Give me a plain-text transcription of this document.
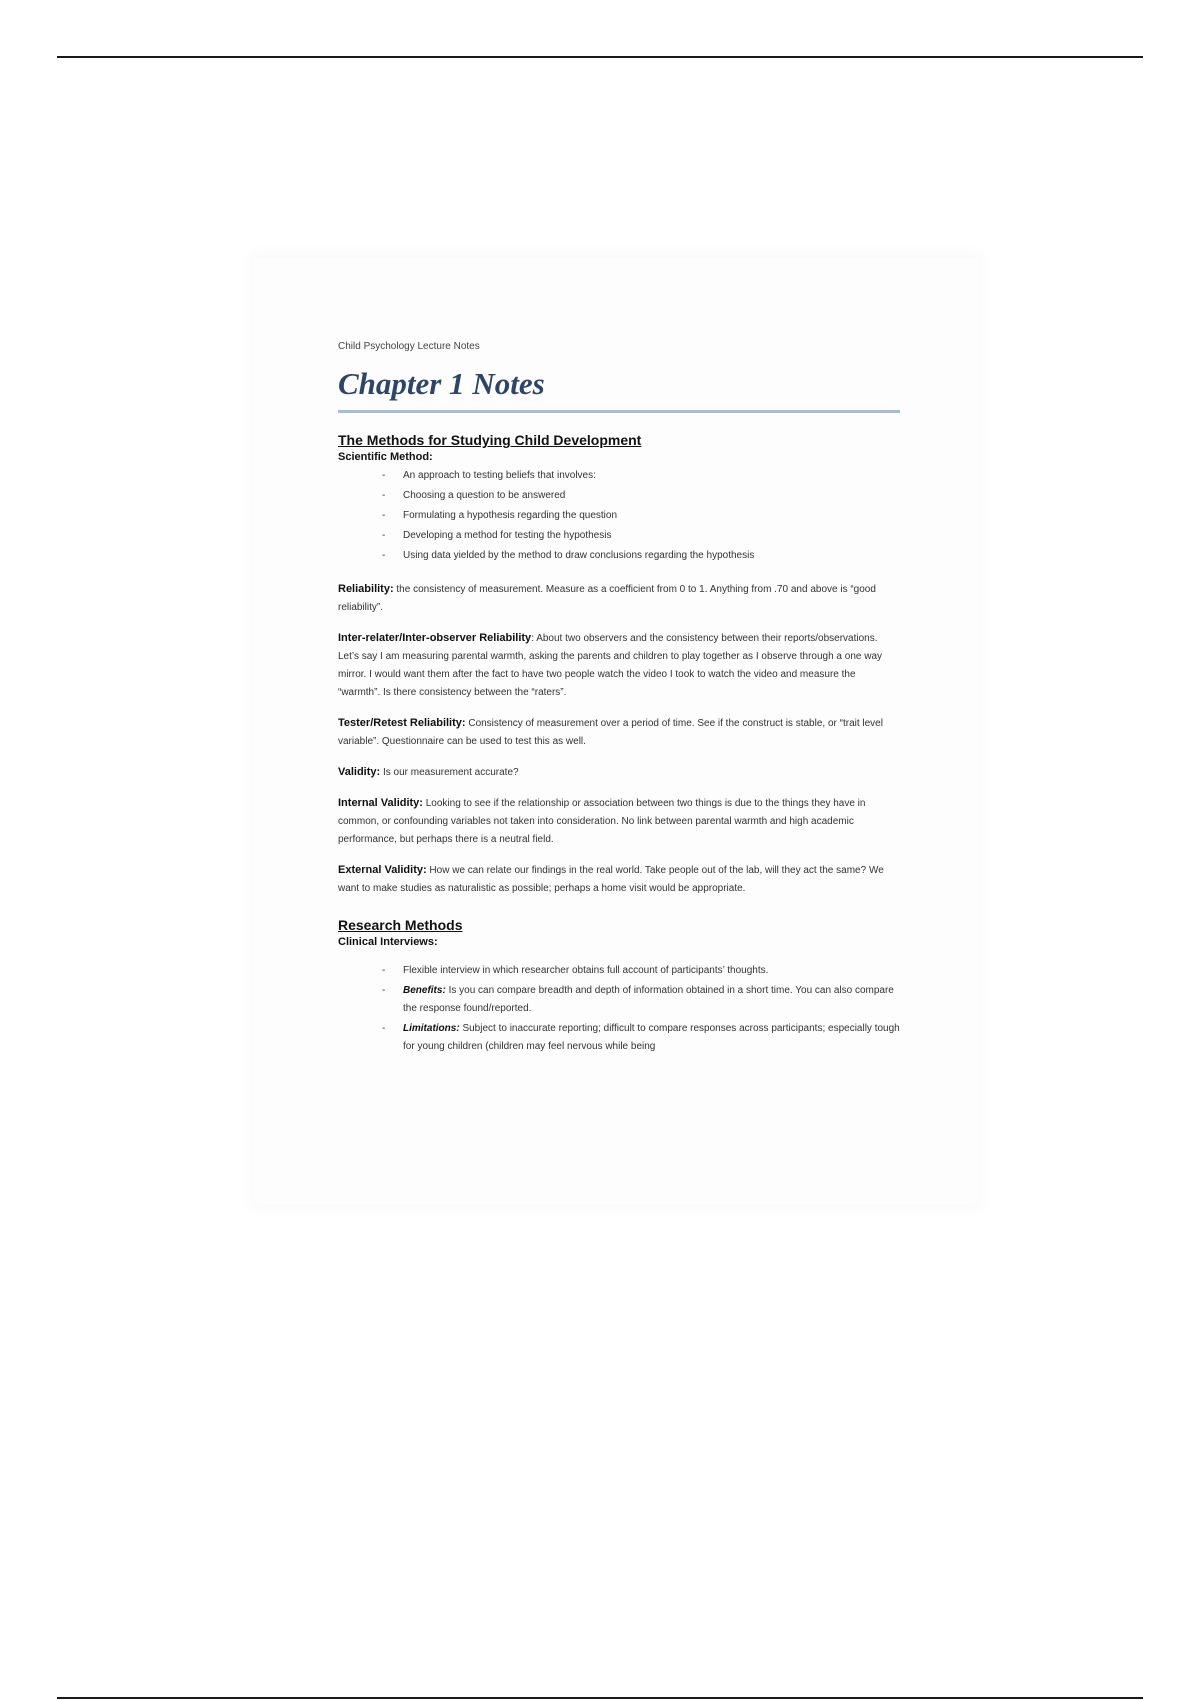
Child Psychology Lecture Notes

Chapter 1 Notes
The Methods for Studying Child Development
Scientific Method:
- An approach to testing beliefs that involves:
- Choosing a question to be answered
- Formulating a hypothesis regarding the question
- Developing a method for testing the hypothesis
- Using data yielded by the method to draw conclusions regarding the hypothesis

Reliability: the consistency of measurement. Measure as a coefficient from 0 to 1. Anything from .70 and above is “good reliability”.

Inter-relater/Inter-observer Reliability: About two observers and the consistency between their reports/observations. Let’s say I am measuring parental warmth, asking the parents and children to play together as I observe through a one way mirror. I would want them after the fact to have two people watch the video I took to watch the video and measure the “warmth”. Is there consistency between the “raters”.

Tester/Retest Reliability: Consistency of measurement over a period of time. See if the construct is stable, or “trait level variable”. Questionnaire can be used to test this as well.

Validity: Is our measurement accurate?

Internal Validity: Looking to see if the relationship or association between two things is due to the things they have in common, or confounding variables not taken into consideration. No link between parental warmth and high academic performance, but perhaps there is a neutral field.

External Validity: How we can relate our findings in the real world. Take people out of the lab, will they act the same? We want to make studies as naturalistic as possible; perhaps a home visit would be appropriate.

Research Methods
Clinical Interviews:
- Flexible interview in which researcher obtains full account of participants’ thoughts.
- Benefits: Is you can compare breadth and depth of information obtained in a short time. You can also compare the response found/reported.
- Limitations: Subject to inaccurate reporting; difficult to compare responses across participants; especially tough for young children (children may feel nervous while being
